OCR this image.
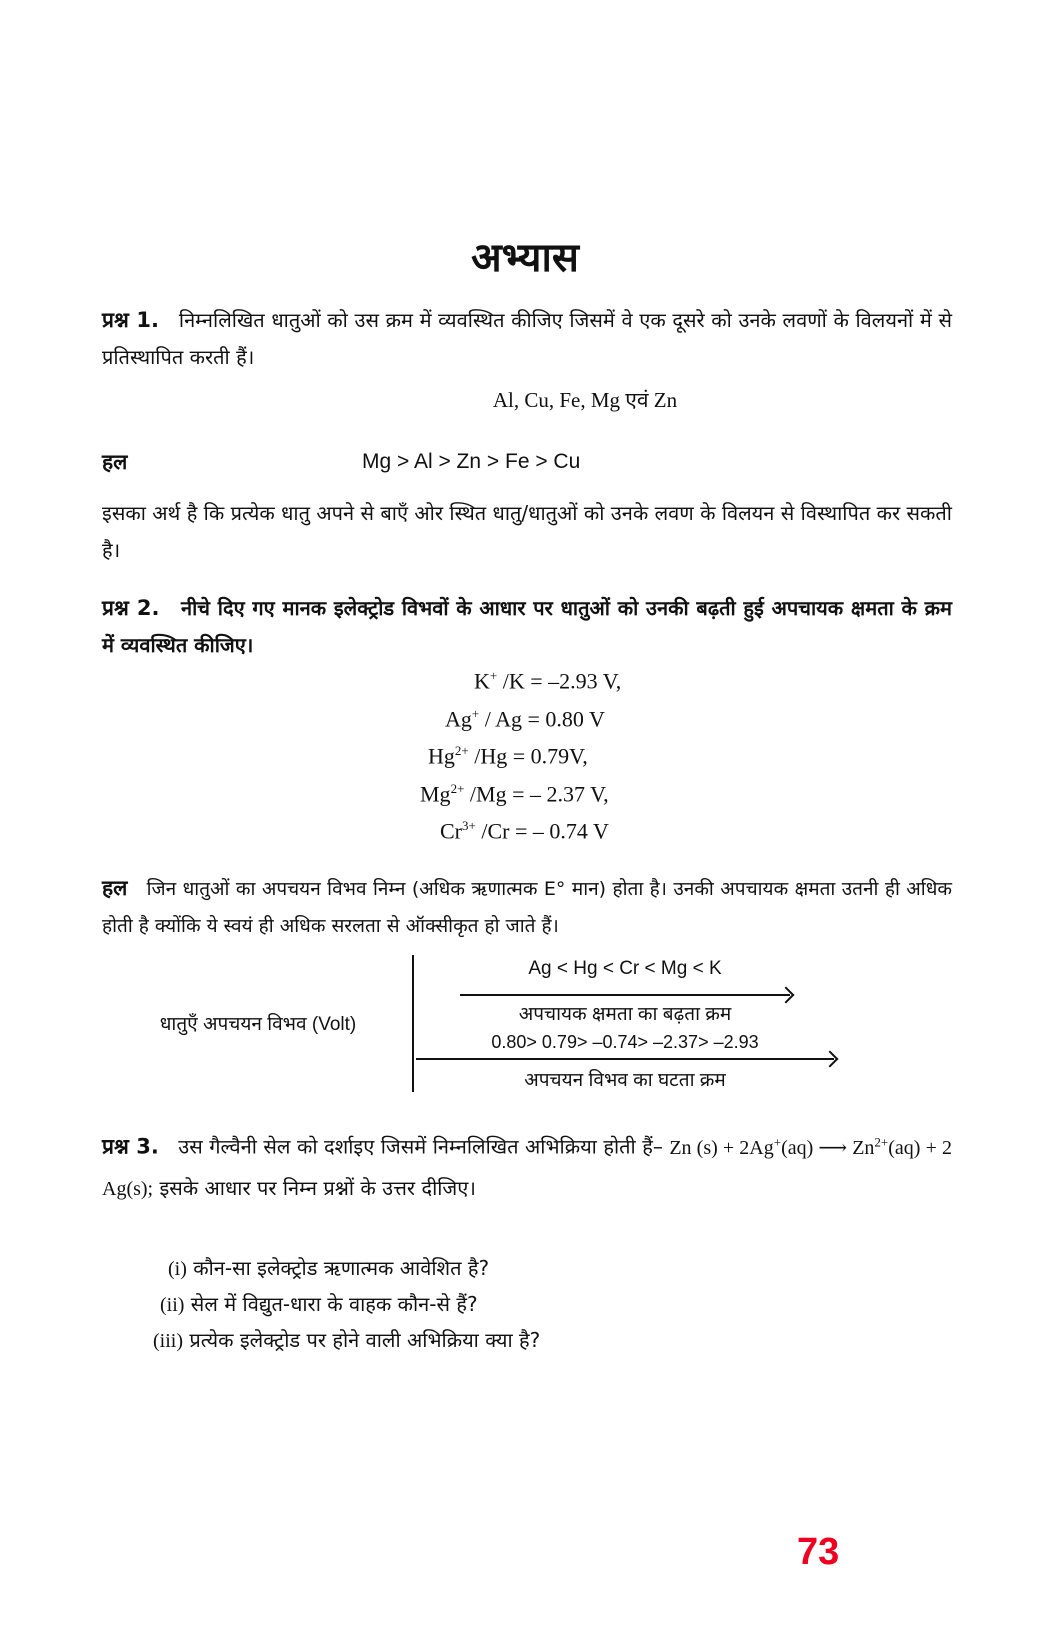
अभ्यास
प्रश्न 1. निम्नलिखित धातुओं को उस क्रम में व्यवस्थित कीजिए जिसमें वे एक दूसरे को उनके लवणों के विलयनों में से प्रतिस्थापित करती हैं।
Al, Cu, Fe, Mg एवं Zn
हल	Mg > Al > Zn > Fe > Cu
इसका अर्थ है कि प्रत्येक धातु अपने से बाएँ ओर स्थित धातु/धातुओं को उनके लवण के विलयन से विस्थापित कर सकती है।
प्रश्न 2. नीचे दिए गए मानक इलेक्ट्रोड विभवों के आधार पर धातुओं को उनकी बढ़ती हुई अपचायक क्षमता के क्रम में व्यवस्थित कीजिए।
K+ /K = –2.93 V,
Ag+ / Ag = 0.80 V
$Hg^{2+}$ /Hg = 0.79V,
$Mg^{2+}$ /Mg = – 2.37 V,
$Cr^{3+}$ /Cr = – 0.74 V
हल जिन धातुओं का अपचयन विभव निम्न (अधिक ऋणात्मक E° मान) होता है। उनकी अपचायक क्षमता उतनी ही अधिक होती है क्योंकि ये स्वयं ही अधिक सरलता से ऑक्सीकृत हो जाते हैं।
धातुएँ अपचयन विभव (Volt)
Ag < Hg < Cr < Mg < K
अपचायक क्षमता का बढ़ता क्रम
0.80> 0.79> –0.74> –2.37> –2.93
अपचयन विभव का घटता क्रम
प्रश्न 3. उस गैल्वैनी सेल को दर्शाइए जिसमें निम्नलिखित अभिक्रिया होती हैं– Zn (s) + 2Ag+(aq) ⟶ $Zn^{2+}(aq) + 2$ Ag(s); इसके आधार पर निम्न प्रश्नों के उत्तर दीजिए।
(i) कौन-सा इलेक्ट्रोड ऋणात्मक आवेशित है?
(ii) सेल में विद्युत-धारा के वाहक कौन-से हैं?
(iii) प्रत्येक इलेक्ट्रोड पर होने वाली अभिक्रिया क्या है?
73
